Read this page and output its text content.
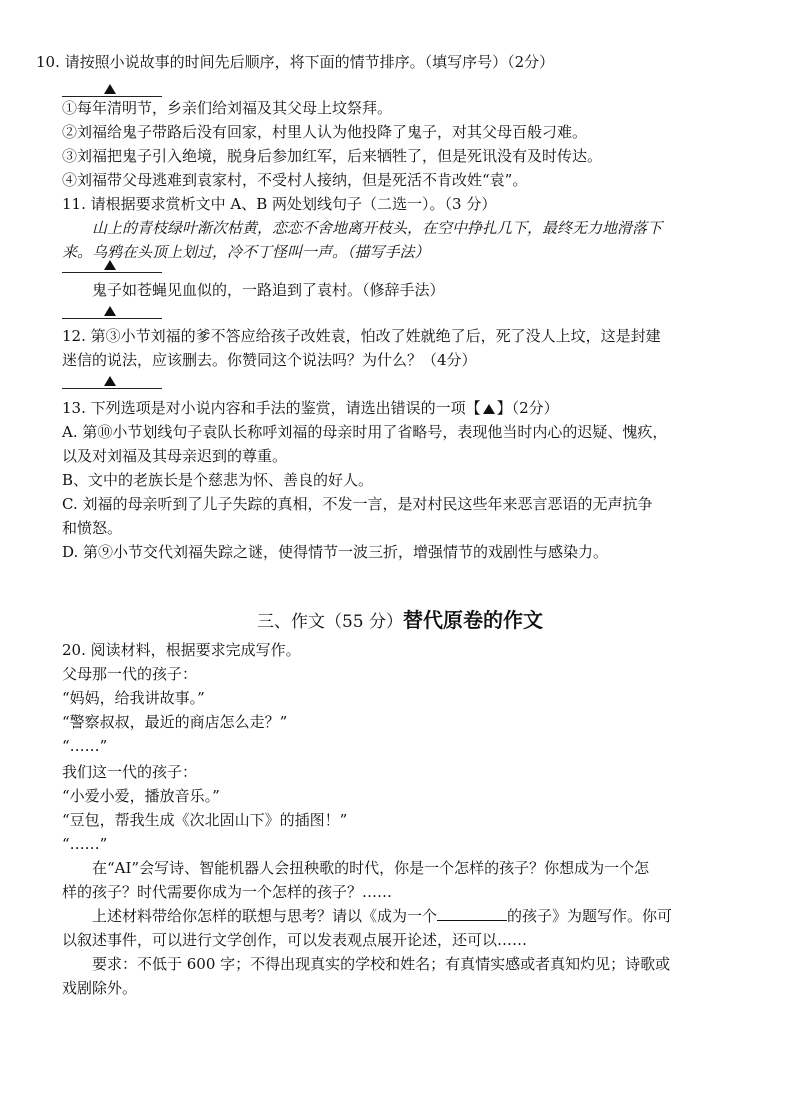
10. 请按照小说故事的时间先后顺序，将下面的情节排序。（填写序号）（2分）
①每年清明节，乡亲们给刘福及其父母上坟祭拜。
②刘福给鬼子带路后没有回家，村里人认为他投降了鬼子，对其父母百般刁难。
③刘福把鬼子引入绝境，脱身后参加红军，后来牺牲了，但是死讯没有及时传达。
④刘福带父母逃难到袁家村，不受村人接纳，但是死活不肯改姓“袁”。
11. 请根据要求赏析文中 A、B 两处划线句子（二选一）。（3 分）
山上的青枝绿叶渐次枯黄，恋恋不舍地离开枝头，在空中挣扎几下，最终无力地滑落下
来。乌鸦在头顶上划过，冷不丁怪叫一声。（描写手法）
鬼子如苍蝇见血似的，一路追到了袁村。（修辞手法）
12. 第③小节刘福的爹不答应给孩子改姓袁，怕改了姓就绝了后，死了没人上坟，这是封建
迷信的说法，应该删去。你赞同这个说法吗？为什么？（4分）
13. 下列选项是对小说内容和手法的鉴赏，请选出错误的一项【 】（2分）
A. 第⑩小节划线句子袁队长称呼刘福的母亲时用了省略号，表现他当时内心的迟疑、愧疚，
以及对刘福及其母亲迟到的尊重。
B、文中的老族长是个慈悲为怀、善良的好人。
C. 刘福的母亲听到了儿子失踪的真相，不发一言，是对村民这些年来恶言恶语的无声抗争
和愤怒。
D. 第⑨小节交代刘福失踪之谜，使得情节一波三折，增强情节的戏剧性与感染力。
三、作文（55 分）替代原卷的作文
20. 阅读材料，根据要求完成写作。
父母那一代的孩子：
“妈妈，给我讲故事。”
“警察叔叔，最近的商店怎么走？”
“……”
我们这一代的孩子：
“小爱小爱，播放音乐。”
“豆包，帮我生成《次北固山下》的插图！”
“……”
在“AI”会写诗、智能机器人会扭秧歌的时代，你是一个怎样的孩子？你想成为一个怎
样的孩子？时代需要你成为一个怎样的孩子？……
上述材料带给你怎样的联想与思考？请以《成为一个	的孩子》为题写作。你可
以叙述事件，可以进行文学创作，可以发表观点展开论述，还可以……
要求：不低于 600 字；不得出现真实的学校和姓名；有真情实感或者真知灼见；诗歌或
戏剧除外。
